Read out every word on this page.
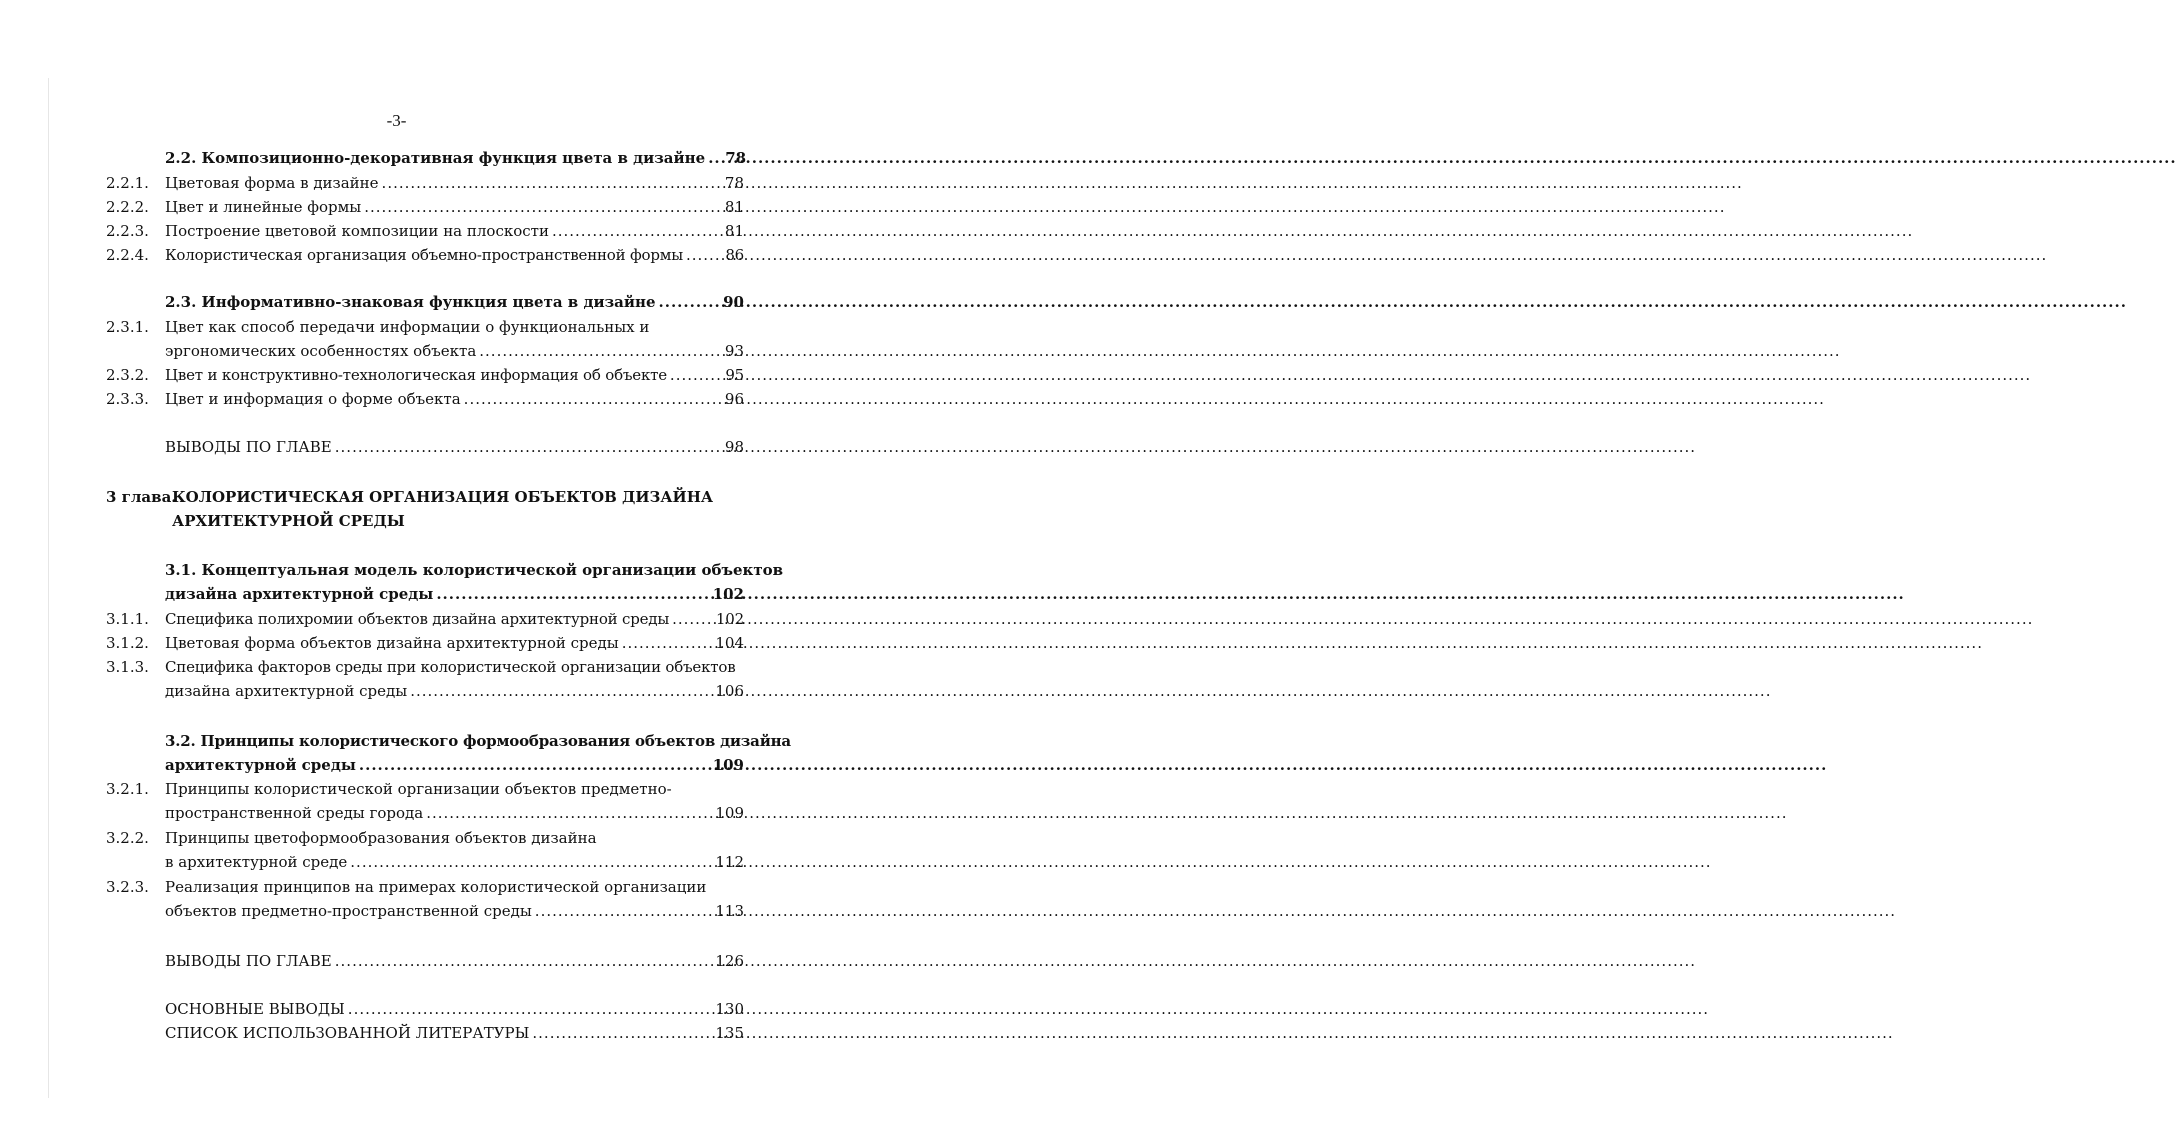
-3-
2.2. Композиционно-декоративная функция цвета в дизайне ..... 78
2.2.1. Цветовая форма в дизайне .....	78
2.2.2. Цвет и линейные формы .....	81
2.2.3. Построение цветовой композиции на плоскости .....	81
2.2.4. Колористическая организация объемно-пространственной формы .....	86
2.3. Информативно-знаковая функция цвета в дизайне .....	90
2.3.1. Цвет как способ передачи информации о функциональных и
эргономических особенностях объекта .....	93
2.3.2. Цвет и конструктивно-технологическая информация об объекте .....	95
2.3.3. Цвет и информация о форме объекта .....	96
ВЫВОДЫ ПО ГЛАВЕ .....	98
3 глава.
КОЛОРИСТИЧЕСКАЯ ОРГАНИЗАЦИЯ ОБЪЕКТОВ ДИЗАЙНА
АРХИТЕКТУРНОЙ СРЕДЫ
3.1. Концептуальная модель колористической организации объектов
дизайна архитектурной среды .....	102
3.1.1. Специфика полихромии объектов дизайна архитектурной среды .....	102
3.1.2. Цветовая форма объектов дизайна архитектурной среды .....	104
3.1.3. Специфика факторов среды при колористической организации объектов
дизайна архитектурной среды .....	106
3.2. Принципы колористического формообразования объектов дизайна
архитектурной среды .....	109
3.2.1. Принципы колористической организации объектов предметно-
пространственной среды города .....	109
3.2.2. Принципы цветоформообразования объектов дизайна
в архитектурной среде .....	112
3.2.3. Реализация принципов на примерах колористической организации
объектов предметно-пространственной среды .....	113
ВЫВОДЫ ПО ГЛАВЕ .....	126
ОСНОВНЫЕ ВЫВОДЫ .....	130
СПИСОК ИСПОЛЬЗОВАННОЙ ЛИТЕРАТУРЫ .....	135
